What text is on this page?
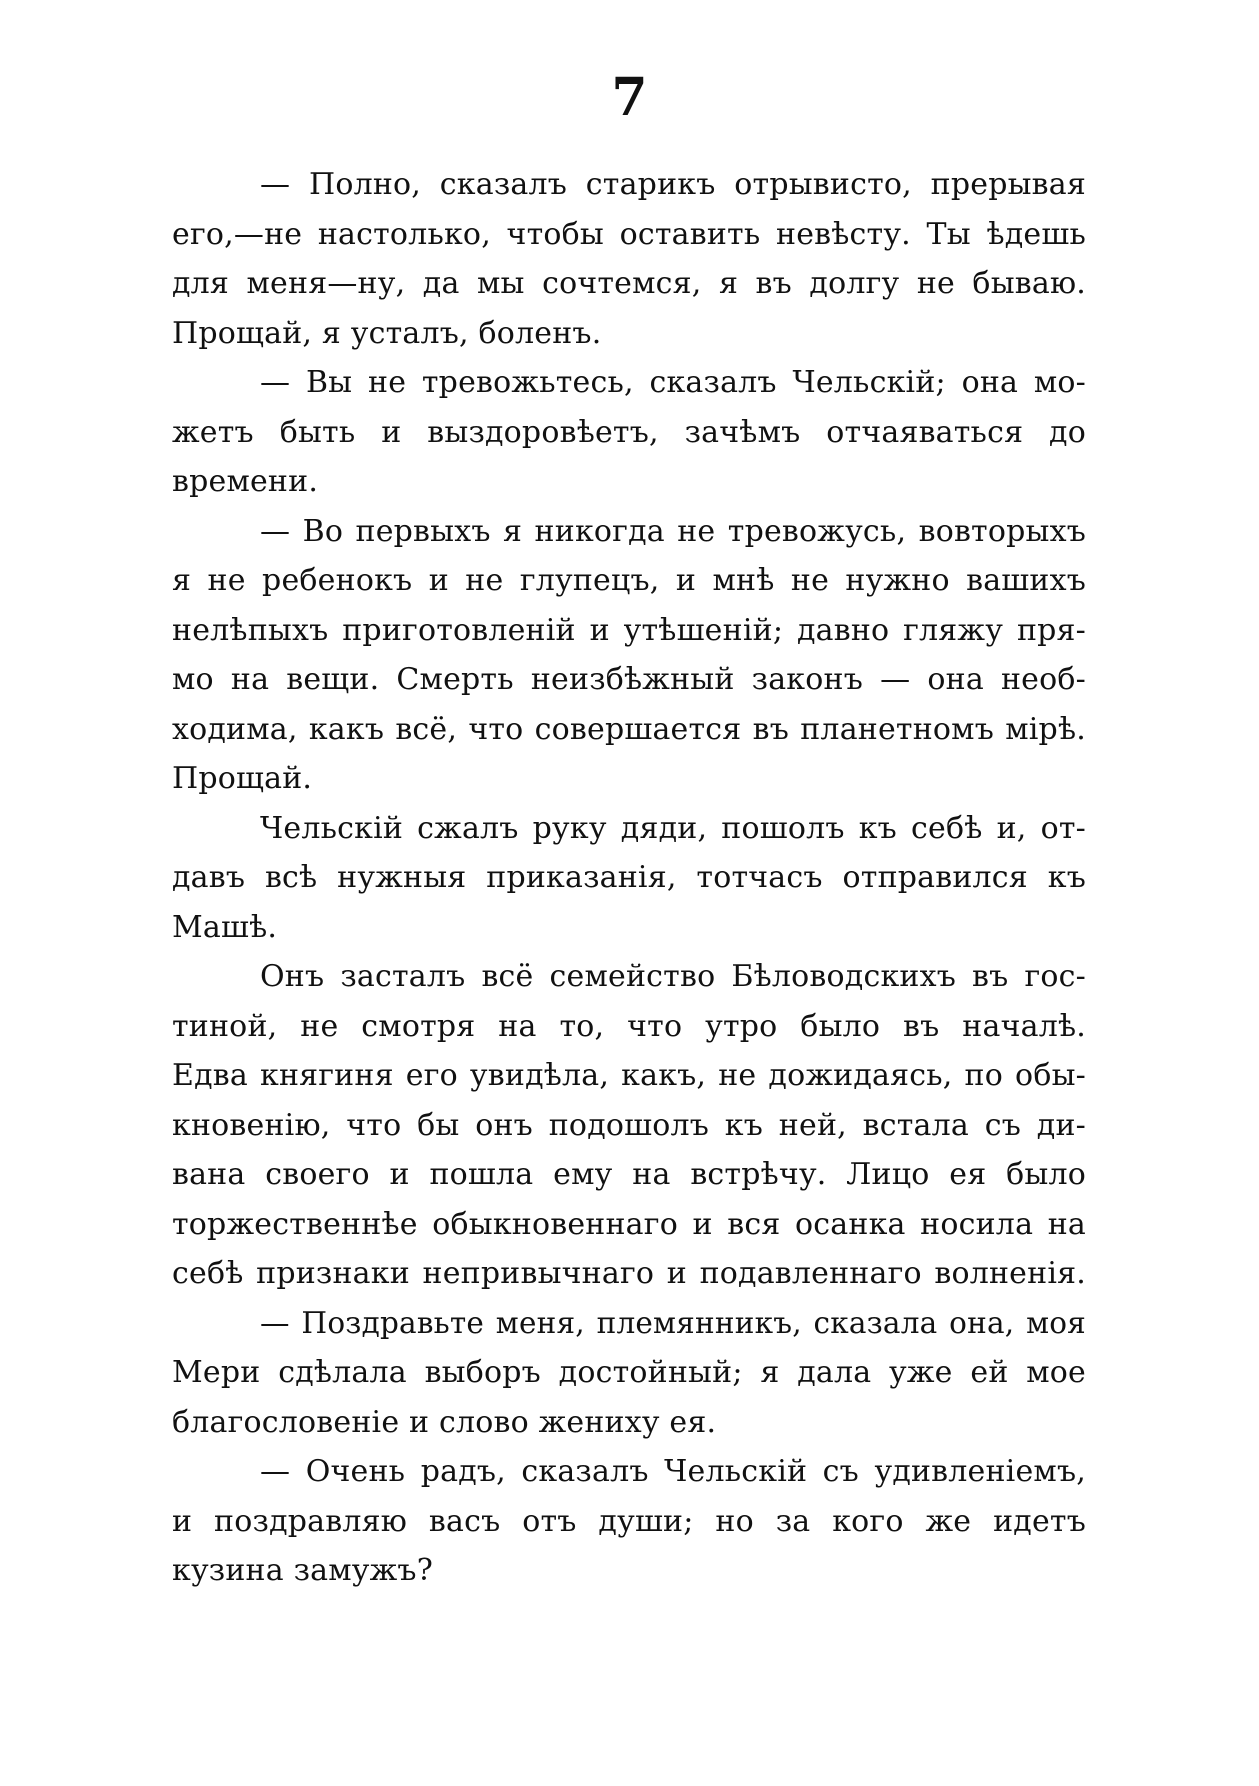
7
— Полно, сказалъ старикъ отрывисто, прерывая
его,—не настолько, чтобы оставить невѣсту. Ты ѣдешь
для меня—ну, да мы сочтемся, я въ долгу не бываю.
Прощай, я усталъ, боленъ.
— Вы не тревожьтесь, сказалъ Чельскій; она мо-
жетъ быть и выздоровѣетъ, зачѣмъ отчаяваться до
времени.
— Во первыхъ я никогда не тревожусь, вовторыхъ
я не ребенокъ и не глупецъ, и мнѣ не нужно вашихъ
нелѣпыхъ приготовленій и утѣшеній; давно гляжу пря-
мо на вещи. Смерть неизбѣжный законъ — она необ-
ходима, какъ всё, что совершается въ планетномъ мірѣ.
Прощай.
Чельскій сжалъ руку дяди, пошолъ къ себѣ и, от-
давъ всѣ нужныя приказанія, тотчасъ отправился къ
Машѣ.
Онъ засталъ всё семейство Бѣловодскихъ въ гос-
тиной, не смотря на то, что утро было въ началѣ.
Едва княгиня его увидѣла, какъ, не дожидаясь, по обы-
кновенію, что бы онъ подошолъ къ ней, встала съ ди-
вана своего и пошла ему на встрѣчу. Лицо ея было
торжественнѣе обыкновеннаго и вся осанка носила на
себѣ признаки непривычнаго и подавленнаго волненія.
— Поздравьте меня, племянникъ, сказала она, моя
Мери сдѣлала выборъ достойный; я дала уже ей мое
благословеніе и слово жениху ея.
— Очень радъ, сказалъ Чельскій съ удивленіемъ,
и поздравляю васъ отъ души; но за кого же идетъ
кузина замужъ?
